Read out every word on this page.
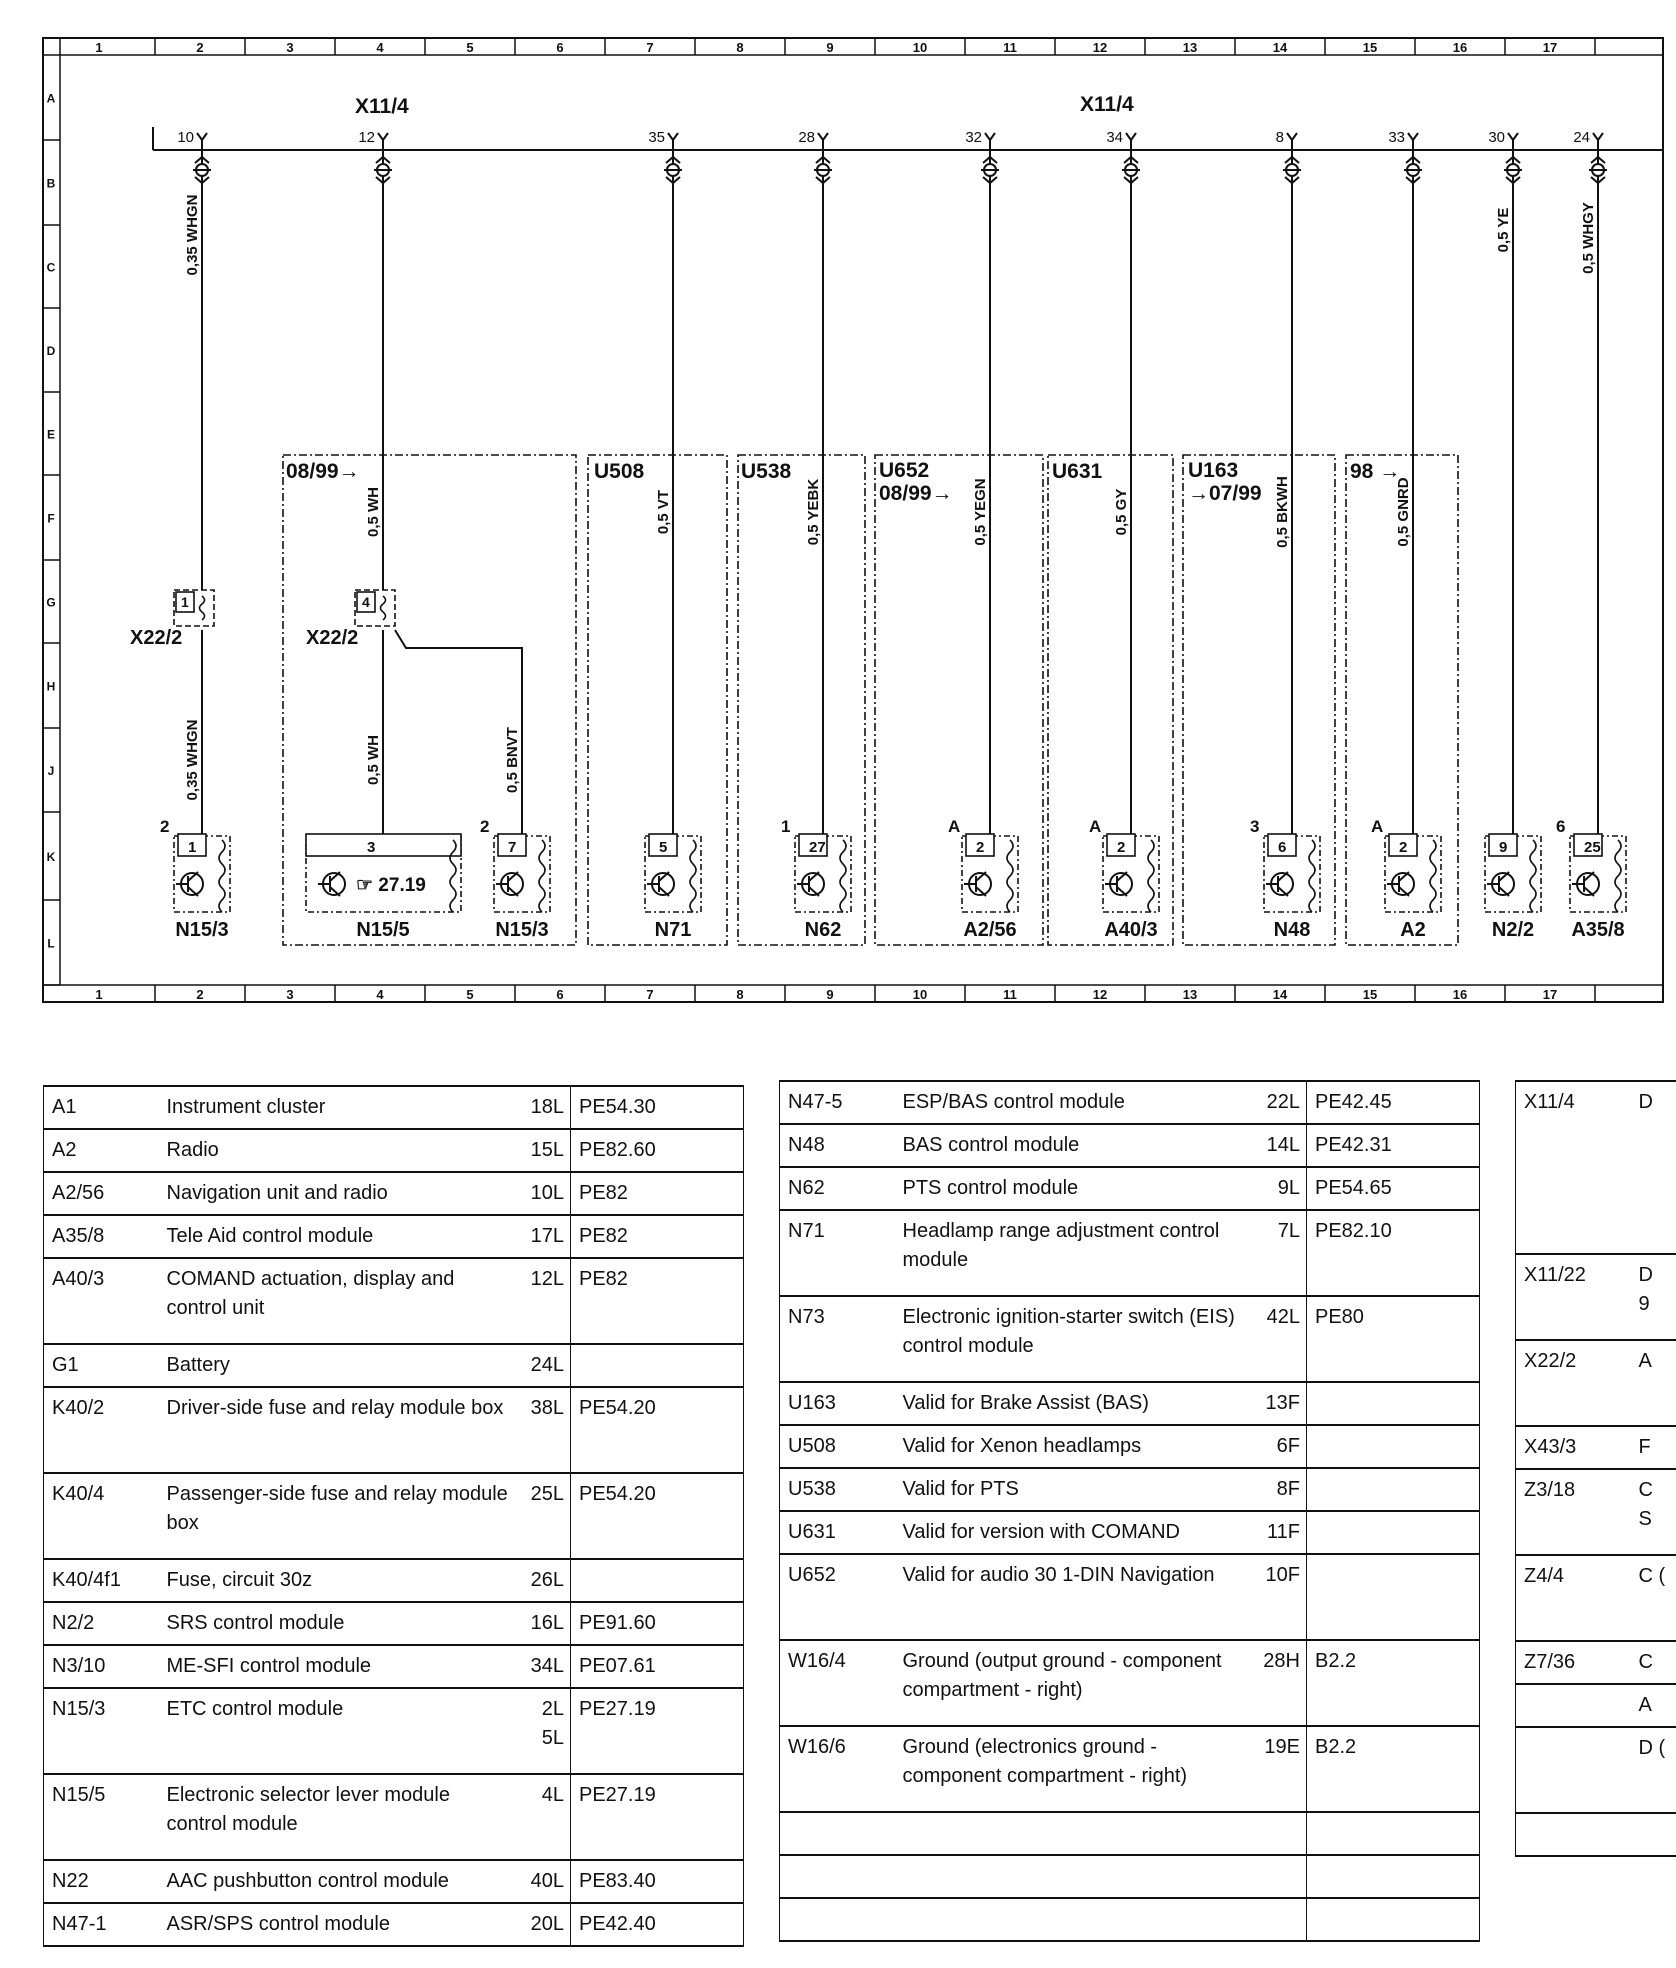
1	2	3	4	5	6	7	8	9	10	11	12	13	14	15	16	17
1	2	3	4	5	6	7	8	9	10	11	12	13	14	15	16	17
A
B
C
D
E
F
G
H
J
K
L
X11/4	X11/4
10	12	35	28	32	34	8	33	30	24
0,35 WHGN
0,35 WHGN
0,5 WH
0,5 WH	0,5 BNVT
0,5 VT	0,5 YEBK	0,5 YEGN	0,5 GY	0,5 BKWH	0,5 GNRD
0,5 YE	0,5 WHGY
1
X22/2
4
X22/2
1
2
N15/3
3
☞ 27.19
N15/5
7
2
N15/3
5
N71
27
1
N62
2
A
A2/56
2
A
A40/3
6
3
N48
2
A
A2
9
N2/2
25
6
A35/8
08/99→	U508	U538	U652
08/99→
U631	U163
→07/99
98 →
A1	Instrument cluster	18L	PE54.30
A2	Radio	15L	PE82.60
A2/56	Navigation unit and radio	10L	PE82
A35/8	Tele Aid control module	17L	PE82
A40/3	COMAND actuation, display and control unit	12L	PE82
G1	Battery	24L	
K40/2	Driver-side fuse and relay module box	38L	PE54.20
K40/4	Passenger-side fuse and relay module box	25L	PE54.20
K40/4f1	Fuse, circuit 30z	26L	
N2/2	SRS control module	16L	PE91.60
N3/10	ME-SFI control module	34L	PE07.61
N15/3	ETC control module	2L 5L	PE27.19
N15/5	Electronic selector lever module control module	4L	PE27.19
N22	AAC pushbutton control module	40L	PE83.40
N47-1	ASR/SPS control module	20L	PE42.40
N47-5	ESP/BAS control module	22L	PE42.45
N48	BAS control module	14L	PE42.31
N62	PTS control module	9L	PE54.65
N71	Headlamp range adjustment control module	7L	PE82.10
N73	Electronic ignition-starter switch (EIS) control module	42L	PE80
U163	Valid for Brake Assist (BAS)	13F	
U508	Valid for Xenon headlamps	6F	
U538	Valid for PTS	8F	
U631	Valid for version with COMAND	11F	
U652	Valid for audio 30 1-DIN Navigation	10F	
W16/4	Ground (output ground - component compartment - right)	28H	B2.2
W16/6	Ground (electronics ground - component compartment - right)	19E	B2.2

X11/4	D
X11/22	D 9
X22/2	A
X43/3	F
Z3/18	C S
Z4/4	C (
Z7/36	C
	A
	D (
